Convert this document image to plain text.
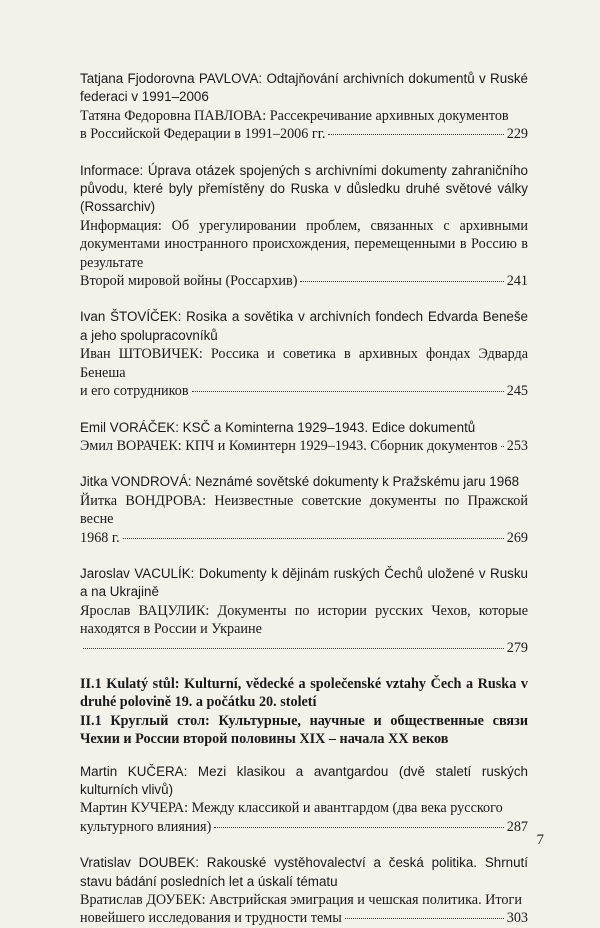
Tatjana Fjodorovna PAVLOVA: Odtajňování archivních dokumentů v Ruské federaci v 1991–2006
Татяна Федоровна ПАВЛОВА: Рассекречивание архивных документов
в Российской Федерации в 1991–2006 гг.	229
Informace: Úprava otázek spojených s archivními dokumenty zahraničního původu, které byly přemístěny do Ruska v důsledku druhé světové války (Rossarchiv)
Информация: Об урегулировании проблем, связанных с архивными документами иностранного происхождения, перемещенными в Россию в результате
Второй мировой войны (Россархив)	241
Ivan ŠTOVÍČEK: Rosika a sovětika v archivních fondech Edvarda Beneše a jeho spolupracovníků
Иван ШТОВИЧЕК: Россика и советика в архивных фондах Эдварда Бенеша
и его сотрудников	245
Emil VORÁČEK: KSČ a Kominterna 1929–1943. Edice dokumentů
Эмил ВОРАЧЕК: КПЧ и Коминтерн 1929–1943. Сборник документов 253
Jitka VONDROVÁ: Neznámé sovětské dokumenty k Pražskému jaru 1968
Йитка ВОНДРОВА: Неизвестные советские документы по Пражской весне
1968 г.	269
Jaroslav VACULÍK: Dokumenty k dějinám ruských Čechů uložené v Rusku a na Ukrajině
Ярослав ВАЦУЛИК: Документы по истории русских Чехов, которые находятся в России и Украине
279
II.1 Kulatý stůl: Kulturní, vědecké a společenské vztahy Čech a Ruska v druhé polovině 19. a počátku 20. století
II.1 Круглый стол: Культурные, научные и общественные связи Чехии и России второй половины XIX – начала XX веков
Martin KUČERA: Mezi klasikou a avantgardou (dvě staletí ruských kulturních vlivů)
Мартин КУЧЕРА: Между классикой и авантгардом (два века русского
культурного влияния)	287
Vratislav DOUBEK: Rakouské vystěhovalectví a česká politika. Shrnutí stavu bádání posledních let a úskalí tématu
Вратислав ДОУБЕК: Австрийская эмиграция и чешская политика. Итоги
новейшего исследования и трудности темы	303
7
